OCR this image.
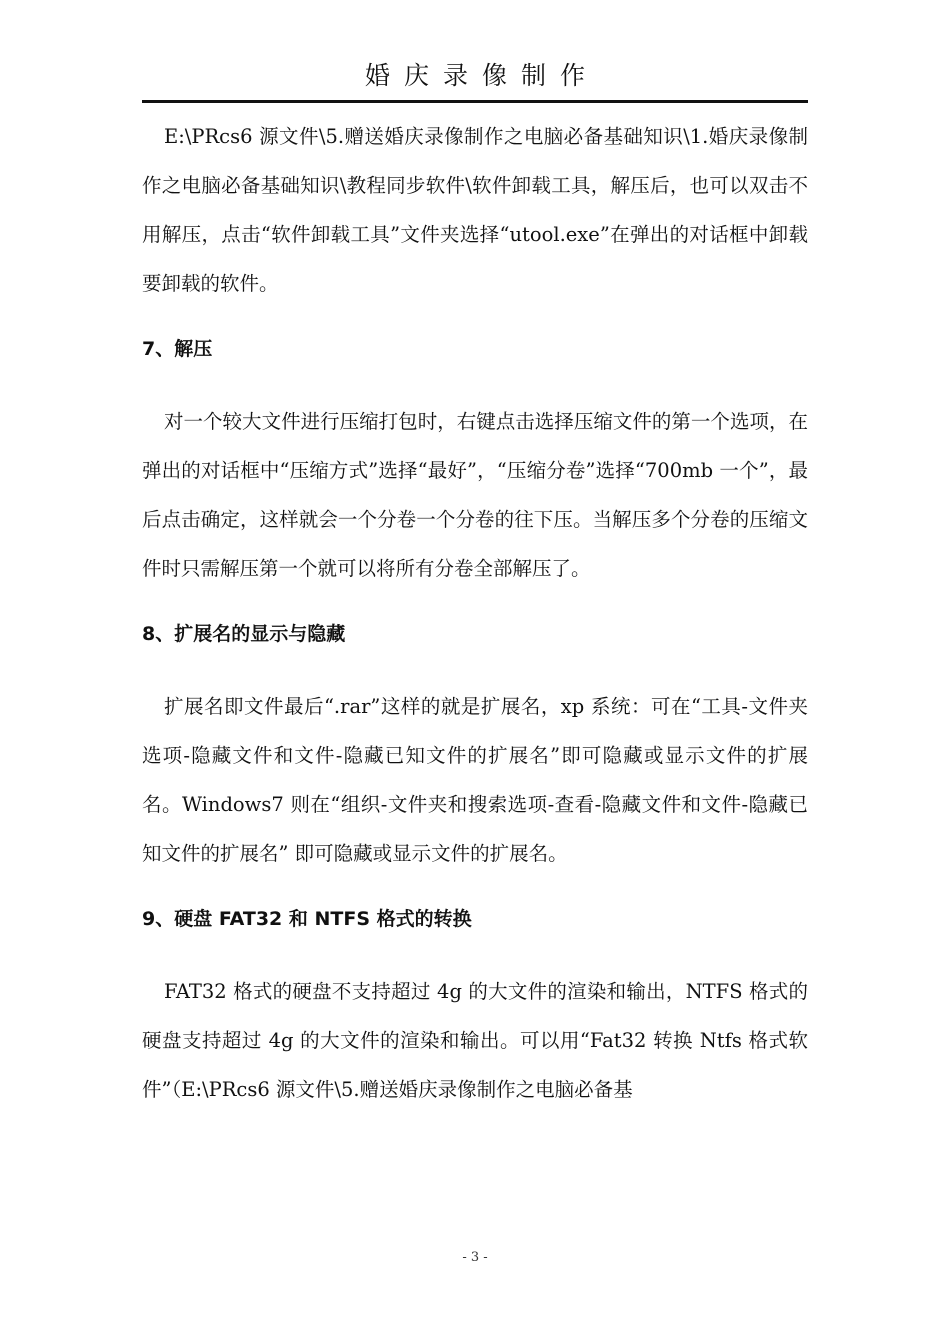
婚庆录像制作

E:\PRcs6 源文件\5.赠送婚庆录像制作之电脑必备基础知识\1.婚庆录像制作之电脑必备基础知识\教程同步软件\软件卸载工具，解压后，也可以双击不用解压，点击“软件卸载工具”文件夹选择“utool.exe”在弹出的对话框中卸载要卸载的软件。

7、解压

对一个较大文件进行压缩打包时，右键点击选择压缩文件的第一个选项，在弹出的对话框中“压缩方式”选择“最好”，“压缩分卷”选择“700mb 一个”，最后点击确定，这样就会一个分卷一个分卷的往下压。当解压多个分卷的压缩文件时只需解压第一个就可以将所有分卷全部解压了。

8、扩展名的显示与隐藏

扩展名即文件最后“.rar”这样的就是扩展名，xp 系统：可在“工具-文件夹选项-隐藏文件和文件-隐藏已知文件的扩展名”即可隐藏或显示文件的扩展名。Windows7 则在“组织-文件夹和搜索选项-查看-隐藏文件和文件-隐藏已知文件的扩展名” 即可隐藏或显示文件的扩展名。

9、硬盘 FAT32 和 NTFS 格式的转换

FAT32 格式的硬盘不支持超过 4g 的大文件的渲染和输出，NTFS 格式的硬盘支持超过 4g 的大文件的渲染和输出。可以用“Fat32 转换 Ntfs 格式软件”（E:\PRcs6 源文件\5.赠送婚庆录像制作之电脑必备基

- 3 -
